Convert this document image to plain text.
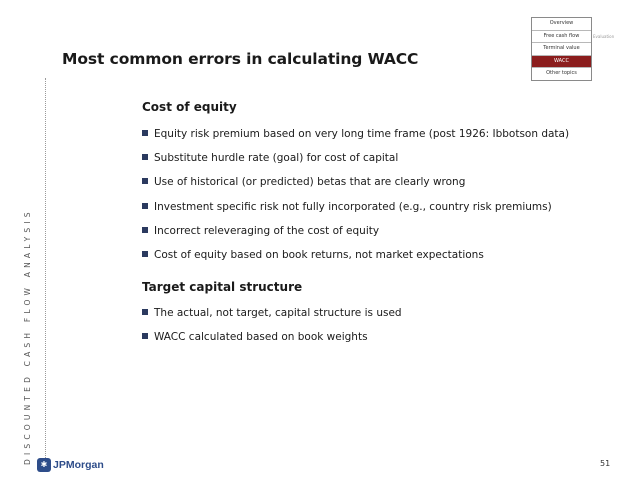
Most common errors in calculating WACC
DISCOUNTED CASH FLOW ANALYSIS
Overview
Free cash flow
Terminal value
WACC
Other topics
Evaluation
Cost of equity
Equity risk premium based on very long time frame (post 1926: Ibbotson data)
Substitute hurdle rate (goal) for cost of capital
Use of historical (or predicted) betas that are clearly wrong
Investment specific risk not fully incorporated (e.g., country risk premiums)
Incorrect releveraging of the cost of equity
Cost of equity based on book returns, not market expectations
Target capital structure
The actual, not target, capital structure is used
WACC calculated based on book weights
✱ JPMorgan	51
